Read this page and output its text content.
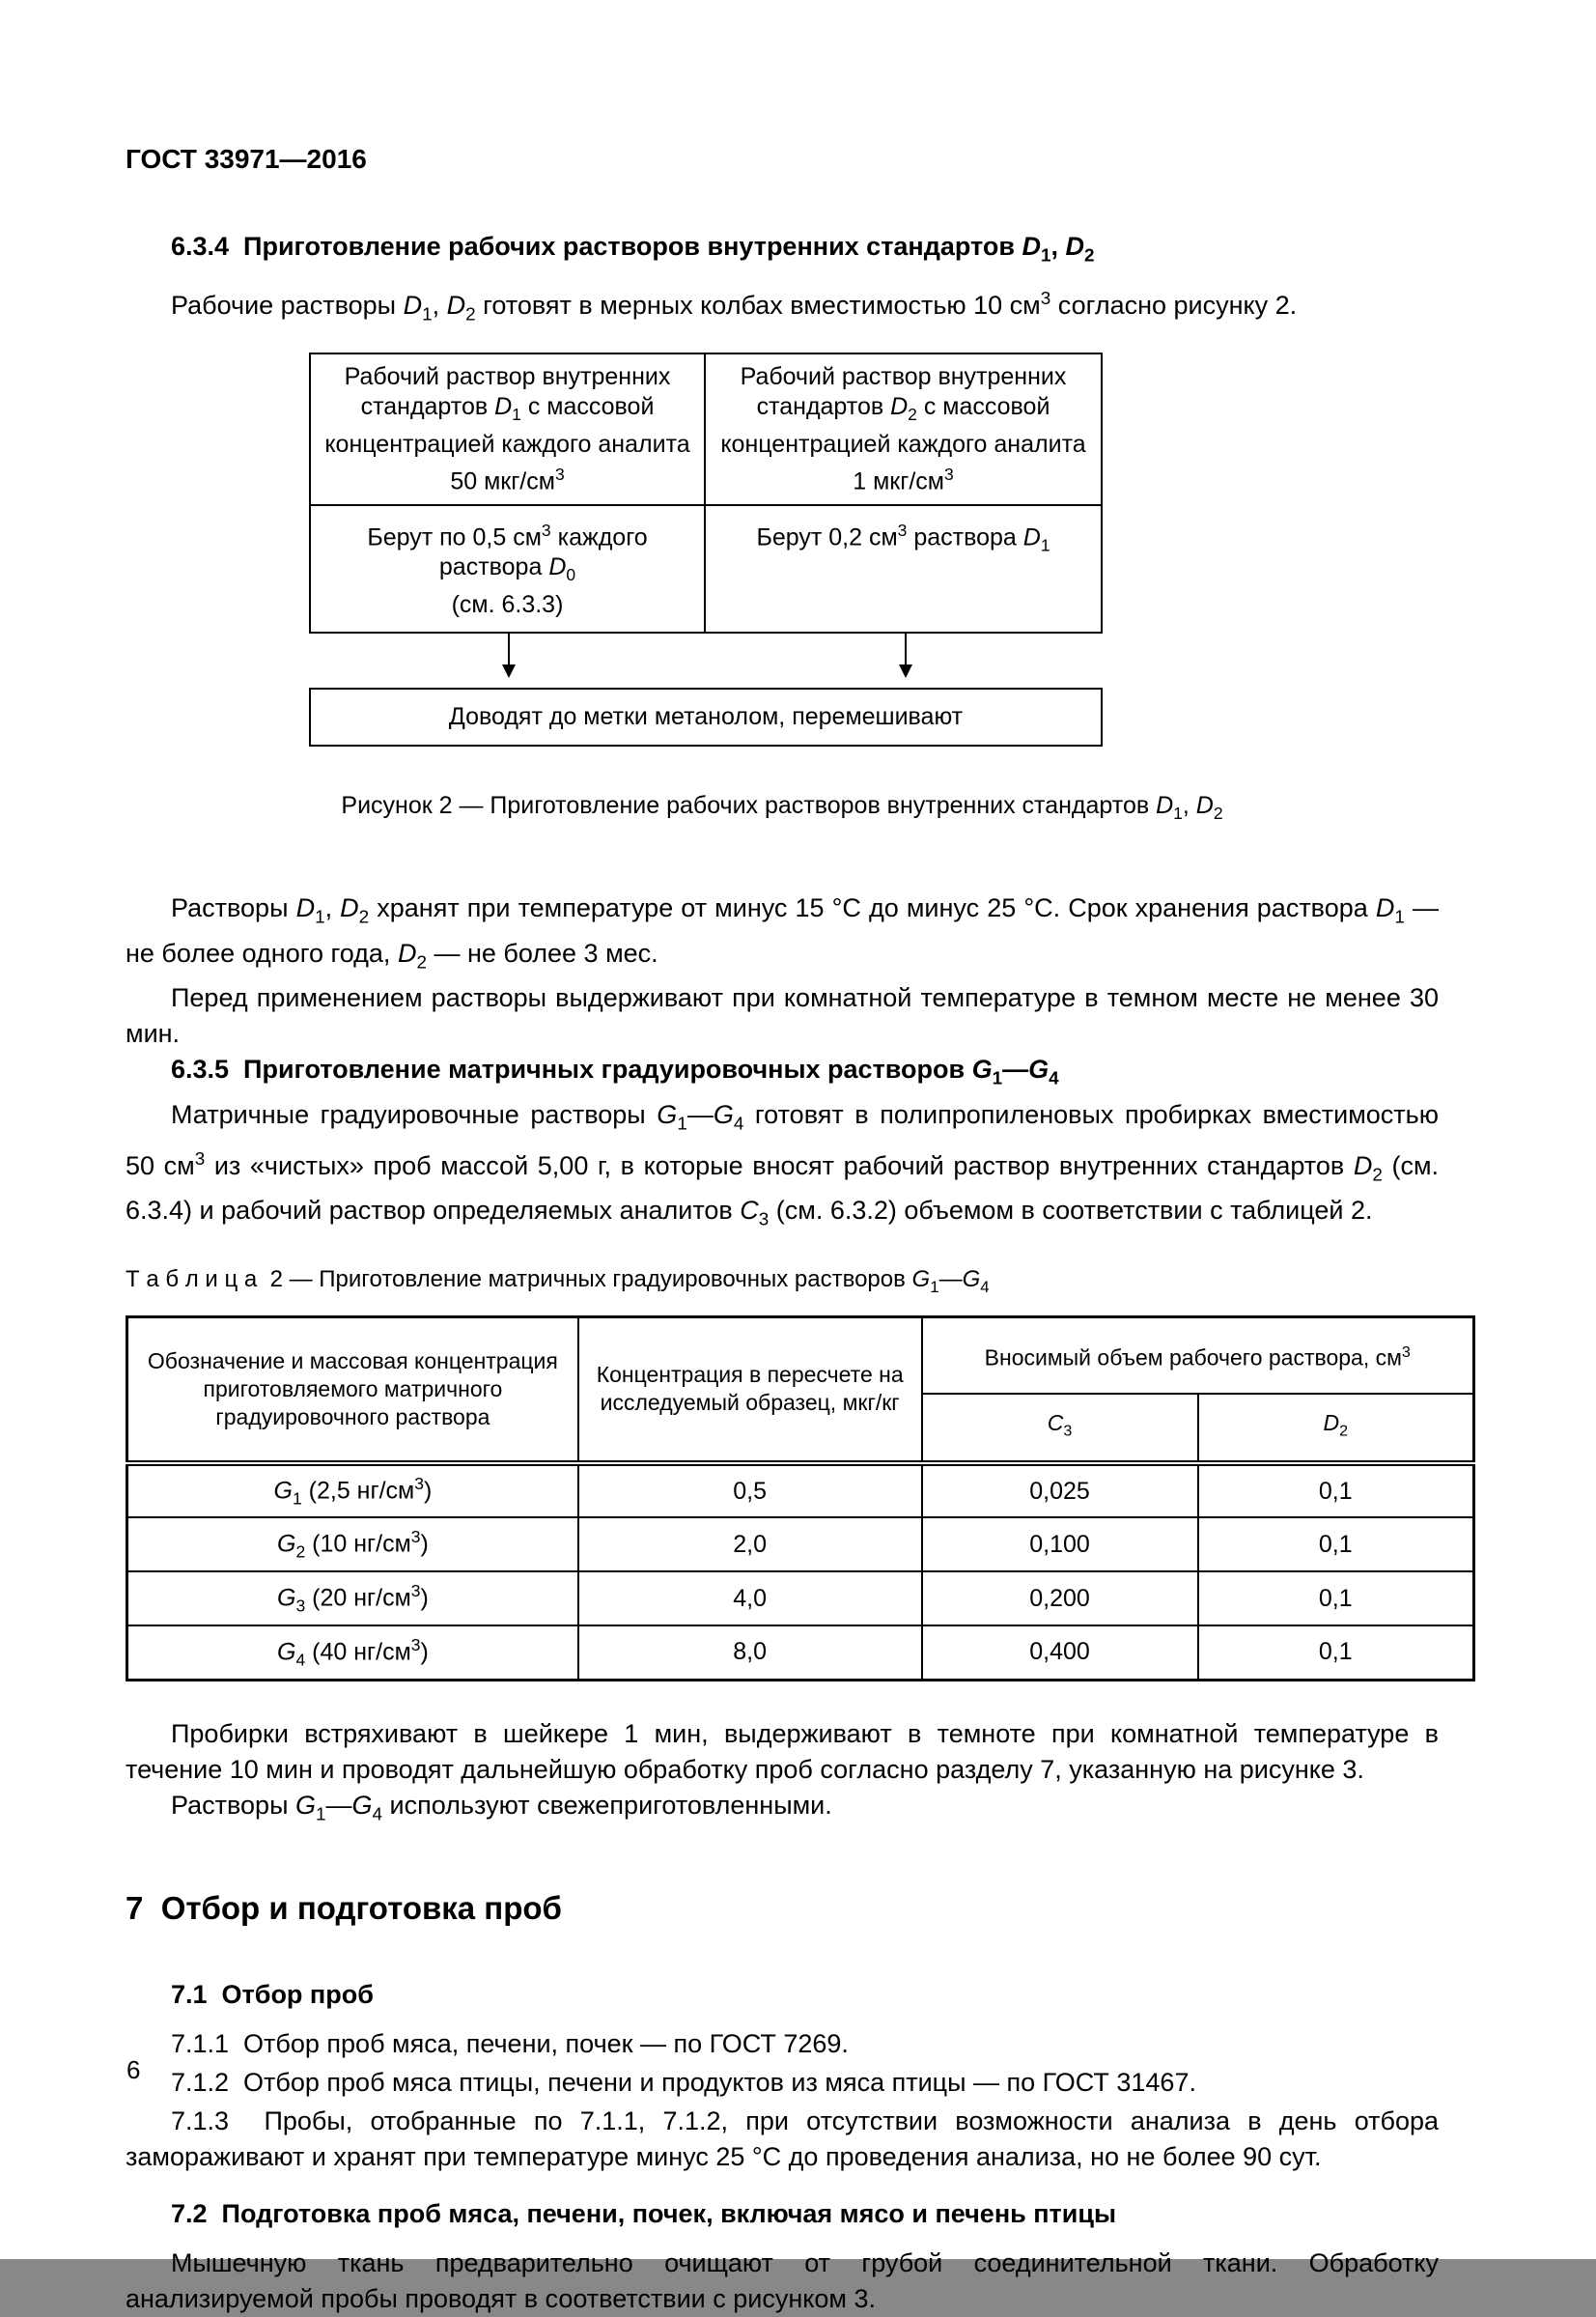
ГОСТ 33971—2016

6.3.4  Приготовление рабочих растворов внутренних стандартов $D_1$, $D_2$

Рабочие растворы $D_1$, $D_2$ готовят в мерных колбах вместимостью 10 $см^3$ согласно рисунку 2.

Рабочий раствор внутренних стандартов $D_1$ с массовой концентрацией каждого аналита 50 мкг/$см^3$
Рабочий раствор внутренних стандартов $D_2$ с массовой концентрацией каждого аналита 1 мкг/$см^3$
Берут по 0,5 $см^3$ каждого раствора $D_0$
(см. 6.3.3)
Берут 0,2 $см^3$ раствора $D_1$
Доводят до метки метанолом, перемешивают
Рисунок 2 — Приготовление рабочих растворов внутренних стандартов $D_1$, $D_2$

Растворы $D_1$, $D_2$ хранят при температуре от минус 15 °С до минус 25 °С. Срок хранения раствора $D_1$ — не более одного года, $D_2$ — не более 3 мес.

Перед применением растворы выдерживают при комнатной температуре в темном месте не менее 30 мин.

6.3.5  Приготовление матричных градуировочных растворов $G_1—G_4$

Матричные градуировочные растворы $G_1—G_4$ готовят в полипропиленовых пробирках вместимостью 50 $см^3$ из «чистых» проб массой 5,00 г, в которые вносят рабочий раствор внутренних стандартов $D_2$ (см. 6.3.4) и рабочий раствор определяемых аналитов $C_3$ (см. 6.3.2) объемом в соответствии с таблицей 2.

Т а б л и ц а  2 — Приготовление матричных градуировочных растворов $G_1—G_4$
Обозначение и массовая концентрация приготовляемого матричного градуировочного раствора	Концентрация в пересчете на исследуемый образец, мкг/кг	Вносимый объем рабочего раствора, $см^3$
		$C_3$	$D_2$
$G_1$ (2,5 $нг/см^3$)	0,5	0,025	0,1
$G_2$ (10 $нг/см^3$)	2,0	0,100	0,1
$G_3$ (20 $нг/см^3$)	4,0	0,200	0,1
$G_4$ (40 $нг/см^3$)	8,0	0,400	0,1

Пробирки встряхивают в шейкере 1 мин, выдерживают в темноте при комнатной температуре в течение 10 мин и проводят дальнейшую обработку проб согласно разделу 7, указанную на рисунке 3.

Растворы $G_1—G_4$ используют свежеприготовленными.

7  Отбор и подготовка проб

7.1  Отбор проб

7.1.1  Отбор проб мяса, печени, почек — по ГОСТ 7269.

7.1.2  Отбор проб мяса птицы, печени и продуктов из мяса птицы — по ГОСТ 31467.

7.1.3  Пробы, отобранные по 7.1.1, 7.1.2, при отсутствии возможности анализа в день отбора замораживают и хранят при температуре минус 25 °С до проведения анализа, но не более 90 сут.

7.2  Подготовка проб мяса, печени, почек, включая мясо и печень птицы

Мышечную ткань предварительно очищают от грубой соединительной ткани. Обработку анализируемой пробы проводят в соответствии с рисунком 3.

6
